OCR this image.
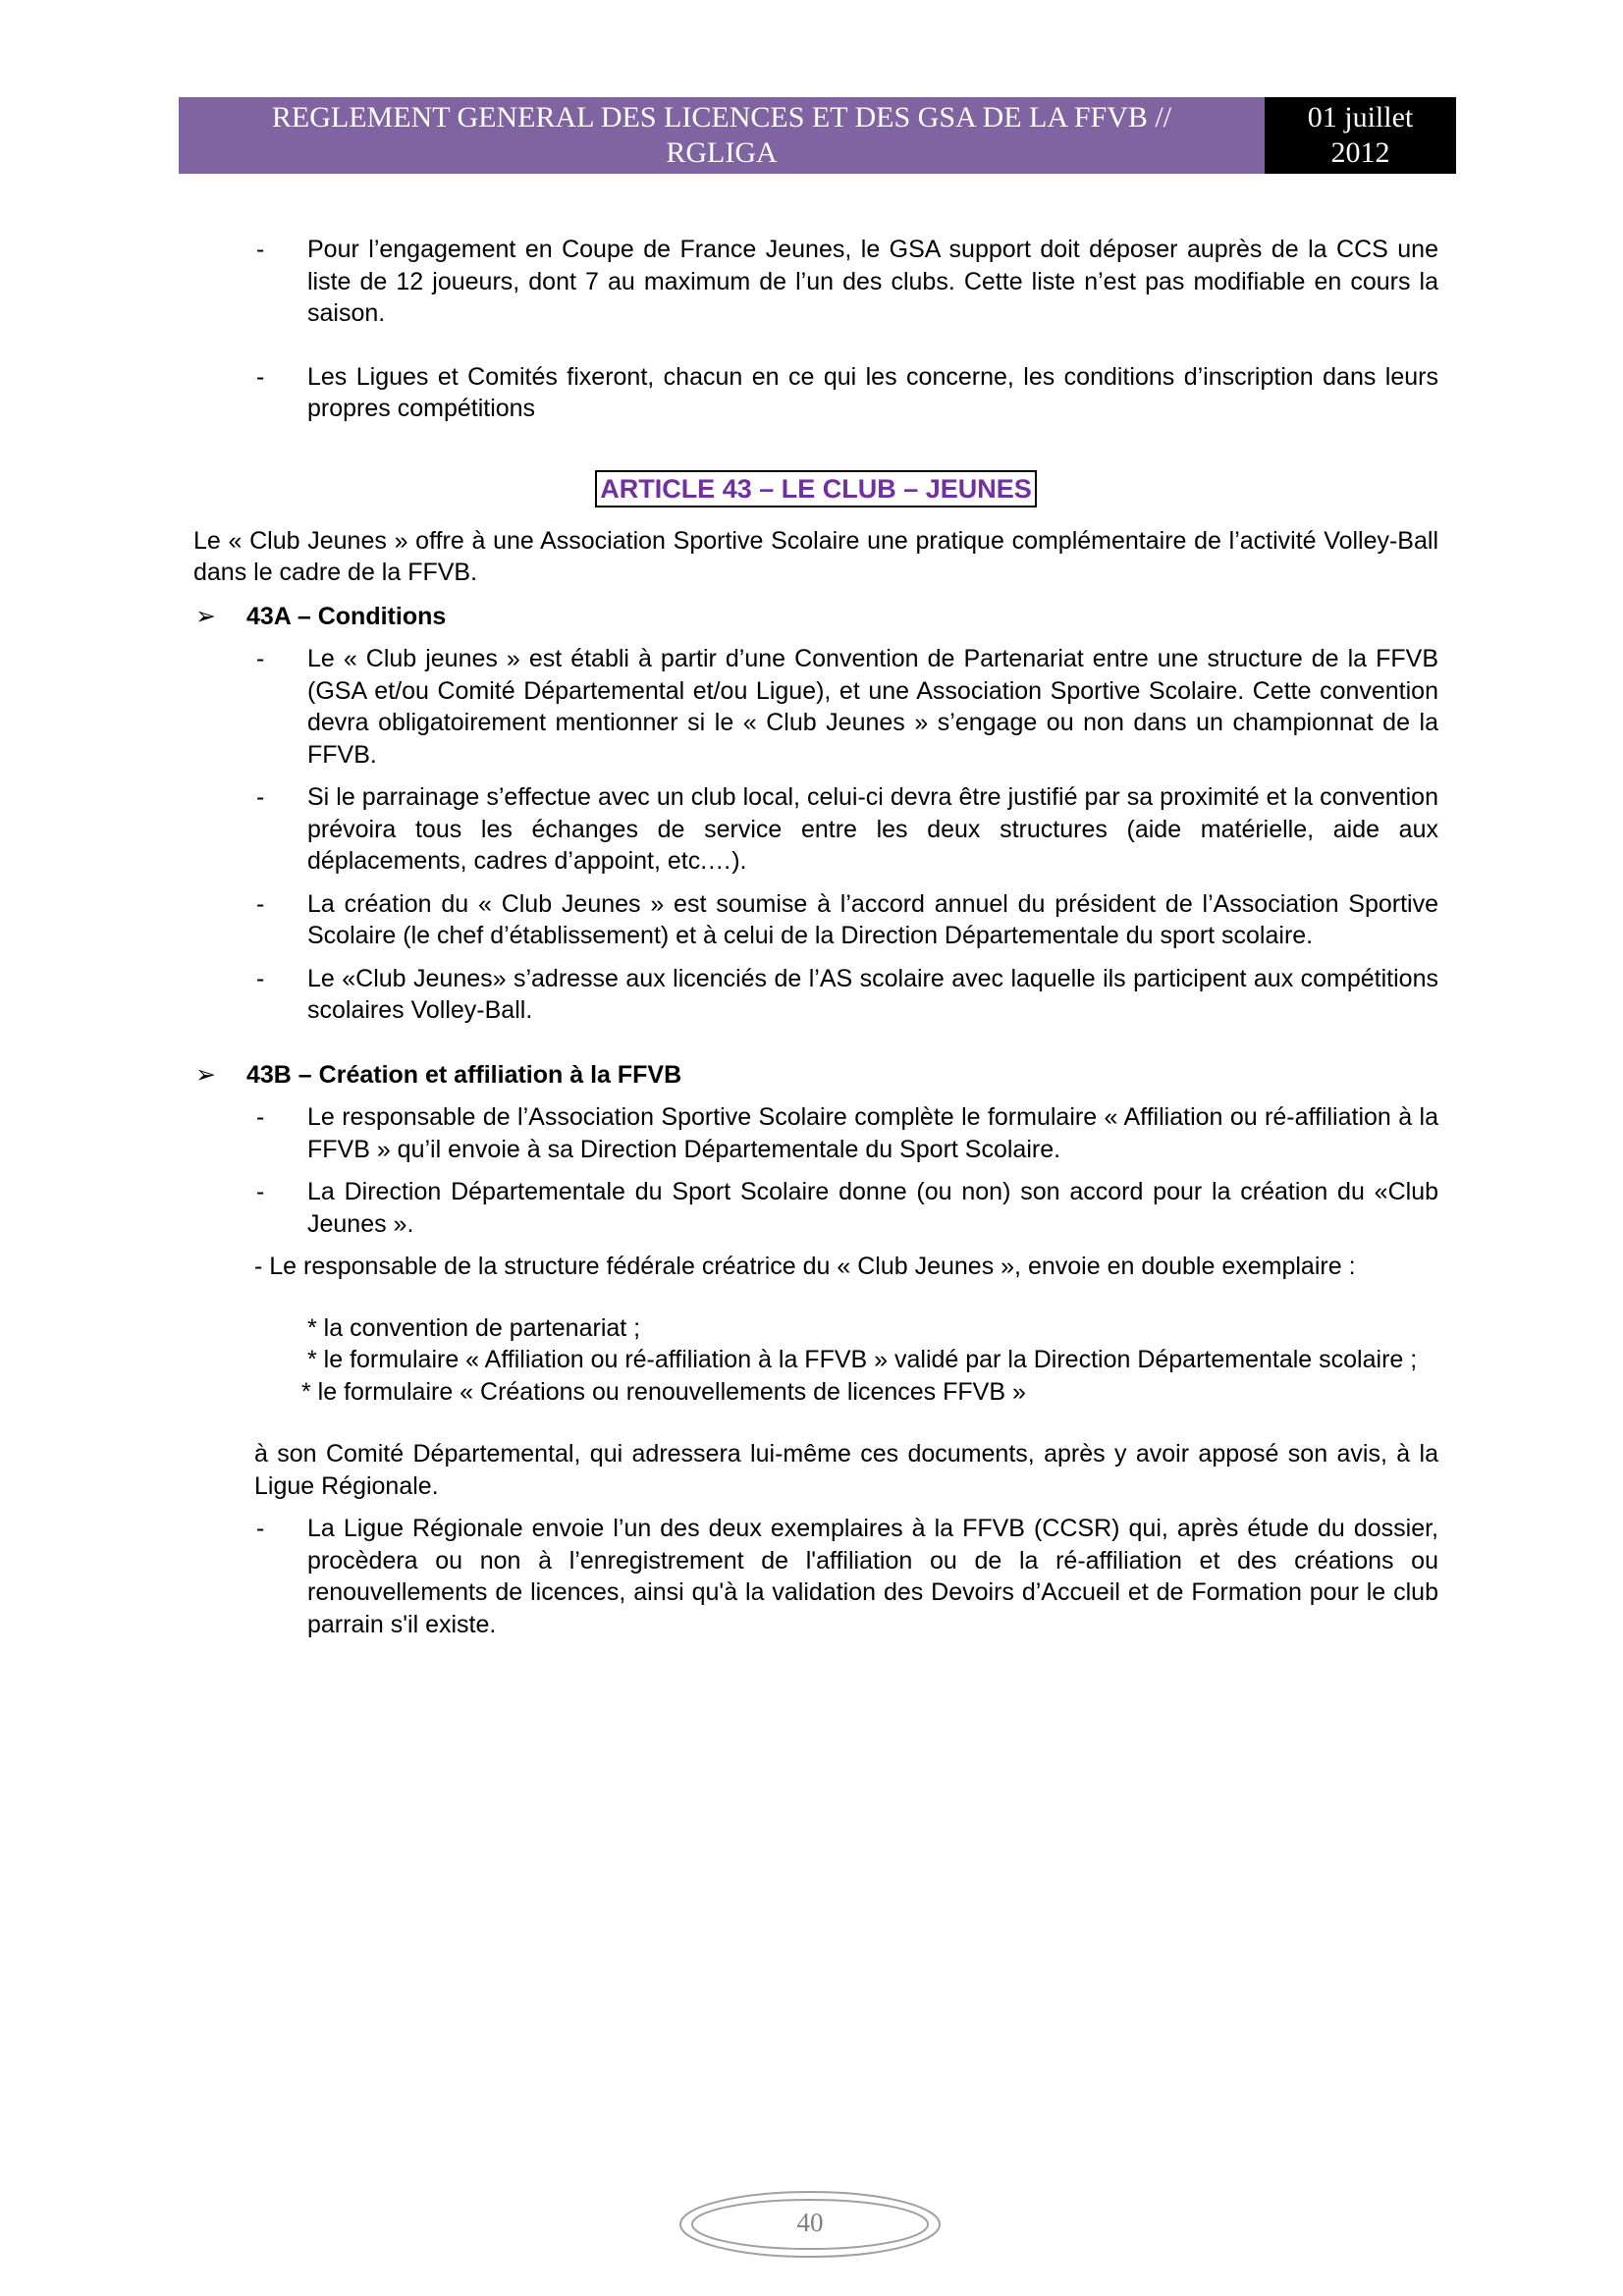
REGLEMENT GENERAL DES LICENCES ET DES GSA DE LA FFVB //
RGLIGA
01 juillet
2012
- Pour l’engagement en Coupe de France Jeunes, le GSA support doit déposer auprès de la CCS une liste de 12 joueurs, dont 7 au maximum de l’un des clubs. Cette liste n’est pas modifiable en cours la saison.
- Les Ligues et Comités fixeront, chacun en ce qui les concerne, les conditions d’inscription dans leurs propres compétitions
ARTICLE 43 – LE CLUB – JEUNES
Le « Club Jeunes » offre à une Association Sportive Scolaire une pratique complémentaire de l’activité Volley-Ball dans le cadre de la FFVB.
➢ 43A – Conditions
- Le « Club jeunes » est établi à partir d’une Convention de Partenariat entre une structure de la FFVB (GSA et/ou Comité Départemental et/ou Ligue), et une Association Sportive Scolaire. Cette convention devra obligatoirement mentionner si le « Club Jeunes » s’engage ou non dans un championnat de la FFVB.
- Si le parrainage s’effectue avec un club local, celui-ci devra être justifié par sa proximité et la convention prévoira tous les échanges de service entre les deux structures (aide matérielle, aide aux déplacements, cadres d’appoint, etc.…).
- La création du « Club Jeunes » est soumise à l’accord annuel du président de l’Association Sportive Scolaire (le chef d’établissement) et à celui de la Direction Départementale du sport scolaire.
- Le «Club Jeunes» s’adresse aux licenciés de l’AS scolaire avec laquelle ils participent aux compétitions scolaires Volley-Ball.
➢ 43B – Création et affiliation à la FFVB
- Le responsable de l’Association Sportive Scolaire complète le formulaire « Affiliation ou ré-affiliation à la FFVB » qu’il envoie à sa Direction Départementale du Sport Scolaire.
- La Direction Départementale du Sport Scolaire donne (ou non) son accord pour la création du «Club Jeunes ».
- Le responsable de la structure fédérale créatrice du « Club Jeunes », envoie en double exemplaire :

* la convention de partenariat ;

* le formulaire « Affiliation ou ré-affiliation à la FFVB » validé par la Direction Départementale scolaire ;

* le formulaire « Créations ou renouvellements de licences FFVB »

à son Comité Départemental, qui adressera lui-même ces documents, après y avoir apposé son avis, à la Ligue Régionale.
- La Ligue Régionale envoie l’un des deux exemplaires à la FFVB (CCSR) qui, après étude du dossier, procèdera ou non à l’enregistrement de l'affiliation ou de la ré-affiliation et des créations ou renouvellements de licences, ainsi qu'à la validation des Devoirs d’Accueil et de Formation pour le club parrain s'il existe.
40
